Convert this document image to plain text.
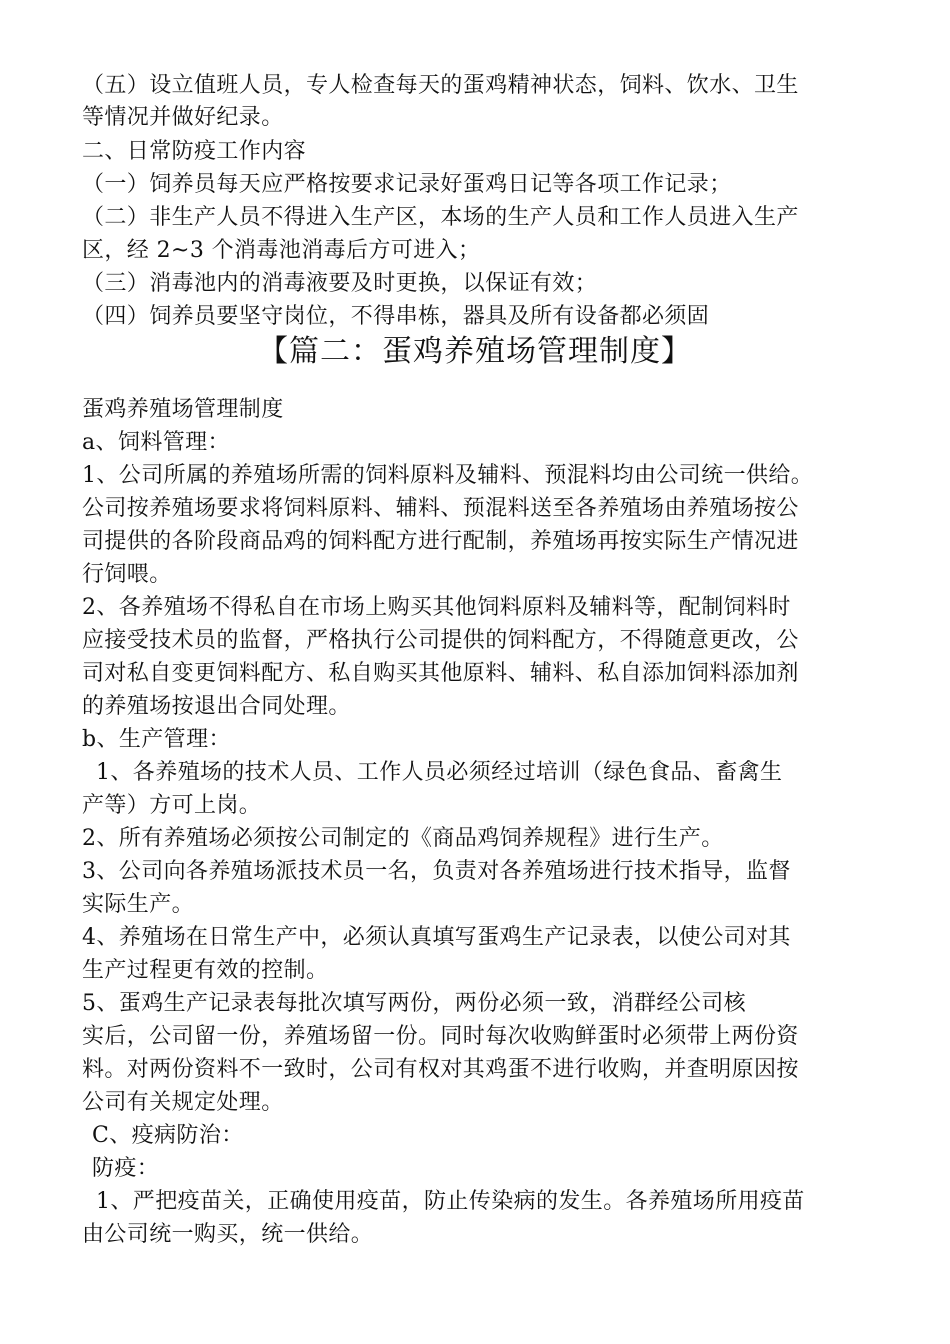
（五）设立值班人员，专人检查每天的蛋鸡精神状态，饲料、饮水、卫生
等情况并做好纪录。
二、日常防疫工作内容
（一）饲养员每天应严格按要求记录好蛋鸡日记等各项工作记录；
（二）非生产人员不得进入生产区，本场的生产人员和工作人员进入生产
区，经 2~3 个消毒池消毒后方可进入；
（三）消毒池内的消毒液要及时更换，以保证有效；
（四）饲养员要坚守岗位，不得串栋，器具及所有设备都必须固
【篇二：蛋鸡养殖场管理制度】
蛋鸡养殖场管理制度
a、饲料管理：
1、公司所属的养殖场所需的饲料原料及辅料、预混料均由公司统一供给。
公司按养殖场要求将饲料原料、辅料、预混料送至各养殖场由养殖场按公
司提供的各阶段商品鸡的饲料配方进行配制，养殖场再按实际生产情况进
行饲喂。
2、各养殖场不得私自在市场上购买其他饲料原料及辅料等，配制饲料时
应接受技术员的监督，严格执行公司提供的饲料配方，不得随意更改，公
司对私自变更饲料配方、私自购买其他原料、辅料、私自添加饲料添加剂
的养殖场按退出合同处理。
b、生产管理：
1、各养殖场的技术人员、工作人员必须经过培训（绿色食品、畜禽生
产等）方可上岗。
2、所有养殖场必须按公司制定的《商品鸡饲养规程》进行生产。
3、公司向各养殖场派技术员一名，负责对各养殖场进行技术指导，监督
实际生产。
4、养殖场在日常生产中，必须认真填写蛋鸡生产记录表，以使公司对其
生产过程更有效的控制。
5、蛋鸡生产记录表每批次填写两份，两份必须一致，消群经公司核
实后，公司留一份，养殖场留一份。同时每次收购鲜蛋时必须带上两份资
料。对两份资料不一致时，公司有权对其鸡蛋不进行收购，并查明原因按
公司有关规定处理。
C、疫病防治：
防疫：
1、严把疫苗关，正确使用疫苗，防止传染病的发生。各养殖场所用疫苗
由公司统一购买，统一供给。
